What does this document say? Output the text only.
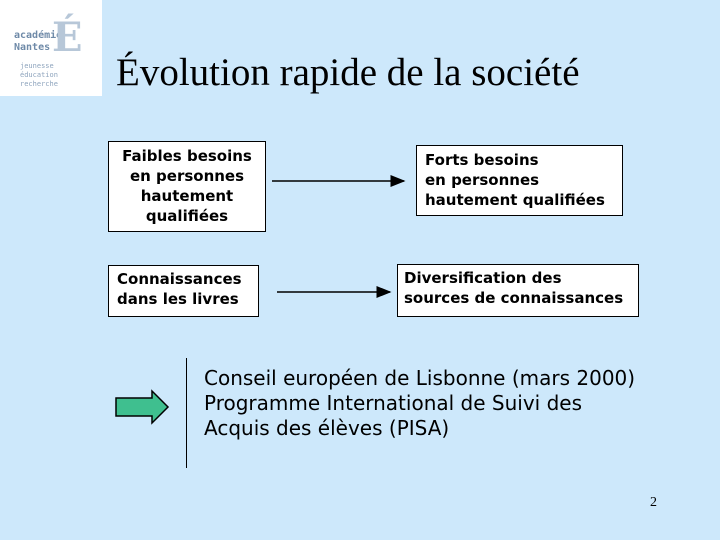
académie
Nantes É
jeunesse
éducation
recherche Évolution rapide de la société
Faibles besoins
en personnes
hautement
qualifiées
Forts besoins
en personnes
hautement qualifiées
Connaissances
dans les livres
Diversification des
sources de connaissances

Conseil européen de Lisbonne (mars 2000)
Programme International de Suivi des
Acquis des élèves (PISA)

2
